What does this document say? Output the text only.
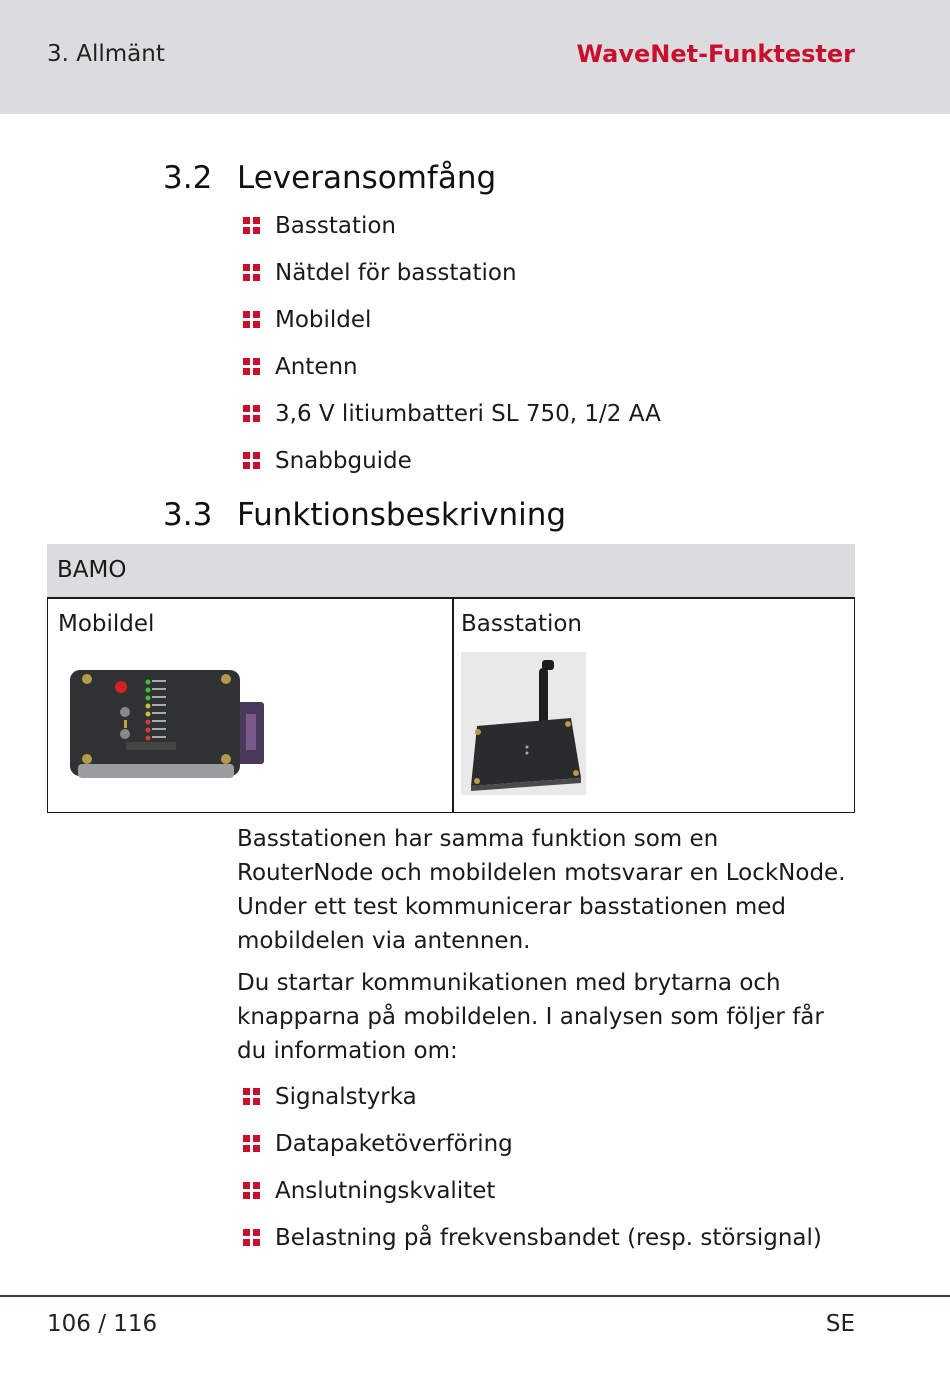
3. Allmänt	WaveNet-Funktester
3.2 Leveransomfång
Basstation
Nätdel för basstation
Mobildel
Antenn
3,6 V litiumbatteri SL 750, 1/2 AA
Snabbguide
3.3 Funktionsbeskrivning
BAMO
Mobildel	Basstation

Basstationen har samma funktion som en RouterNode och mobildelen motsvarar en LockNode. Under ett test kommunicerar basstationen med mobildelen via antennen.

Du startar kommunikationen med brytarna och knapparna på mobildelen. I analysen som följer får du information om:

Signalstyrka
Datapaketöverföring
Anslutningskvalitet
Belastning på frekvensbandet (resp. störsignal)
106 / 116	SE
